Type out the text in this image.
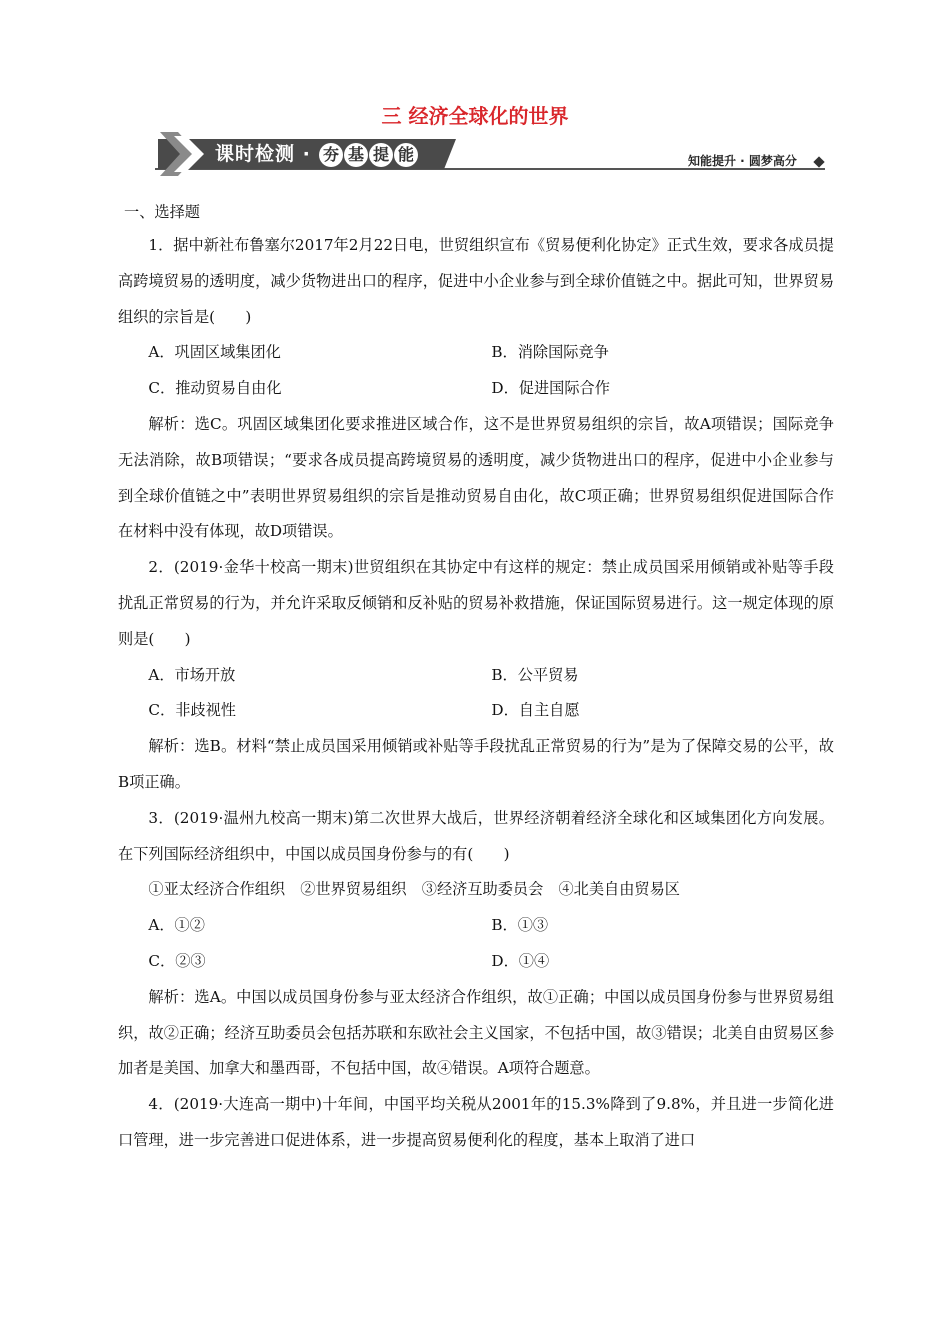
三 经济全球化的世界
课时检测 · 夯 基 提 能	知能提升 · 圆梦高分
一、选择题
1．据中新社布鲁塞尔2017年2月22日电，世贸组织宣布《贸易便利化协定》正式生效，要求各成员提高跨境贸易的透明度，减少货物进出口的程序，促进中小企业参与到全球价值链之中。据此可知，世界贸易组织的宗旨是(　　)
A．巩固区域集团化	B．消除国际竞争
C．推动贸易自由化	D．促进国际合作
解析：选C。巩固区域集团化要求推进区域合作，这不是世界贸易组织的宗旨，故A项错误；国际竞争无法消除，故B项错误；“要求各成员提高跨境贸易的透明度，减少货物进出口的程序，促进中小企业参与到全球价值链之中”表明世界贸易组织的宗旨是推动贸易自由化，故C项正确；世界贸易组织促进国际合作在材料中没有体现，故D项错误。
2．(2019·金华十校高一期末)世贸组织在其协定中有这样的规定：禁止成员国采用倾销或补贴等手段扰乱正常贸易的行为，并允许采取反倾销和反补贴的贸易补救措施，保证国际贸易进行。这一规定体现的原则是(　　)
A．市场开放	B．公平贸易
C．非歧视性	D．自主自愿
解析：选B。材料“禁止成员国采用倾销或补贴等手段扰乱正常贸易的行为”是为了保障交易的公平，故B项正确。
3．(2019·温州九校高一期末)第二次世界大战后，世界经济朝着经济全球化和区域集团化方向发展。在下列国际经济组织中，中国以成员国身份参与的有(　　)
①亚太经济合作组织　②世界贸易组织　③经济互助委员会　④北美自由贸易区
A．①②	B．①③
C．②③	D．①④
解析：选A。中国以成员国身份参与亚太经济合作组织，故①正确；中国以成员国身份参与世界贸易组织，故②正确；经济互助委员会包括苏联和东欧社会主义国家，不包括中国，故③错误；北美自由贸易区参加者是美国、加拿大和墨西哥，不包括中国，故④错误。A项符合题意。
4．(2019·大连高一期中)十年间，中国平均关税从2001年的15.3%降到了9.8%，并且进一步简化进口管理，进一步完善进口促进体系，进一步提高贸易便利化的程度，基本上取消了进口
